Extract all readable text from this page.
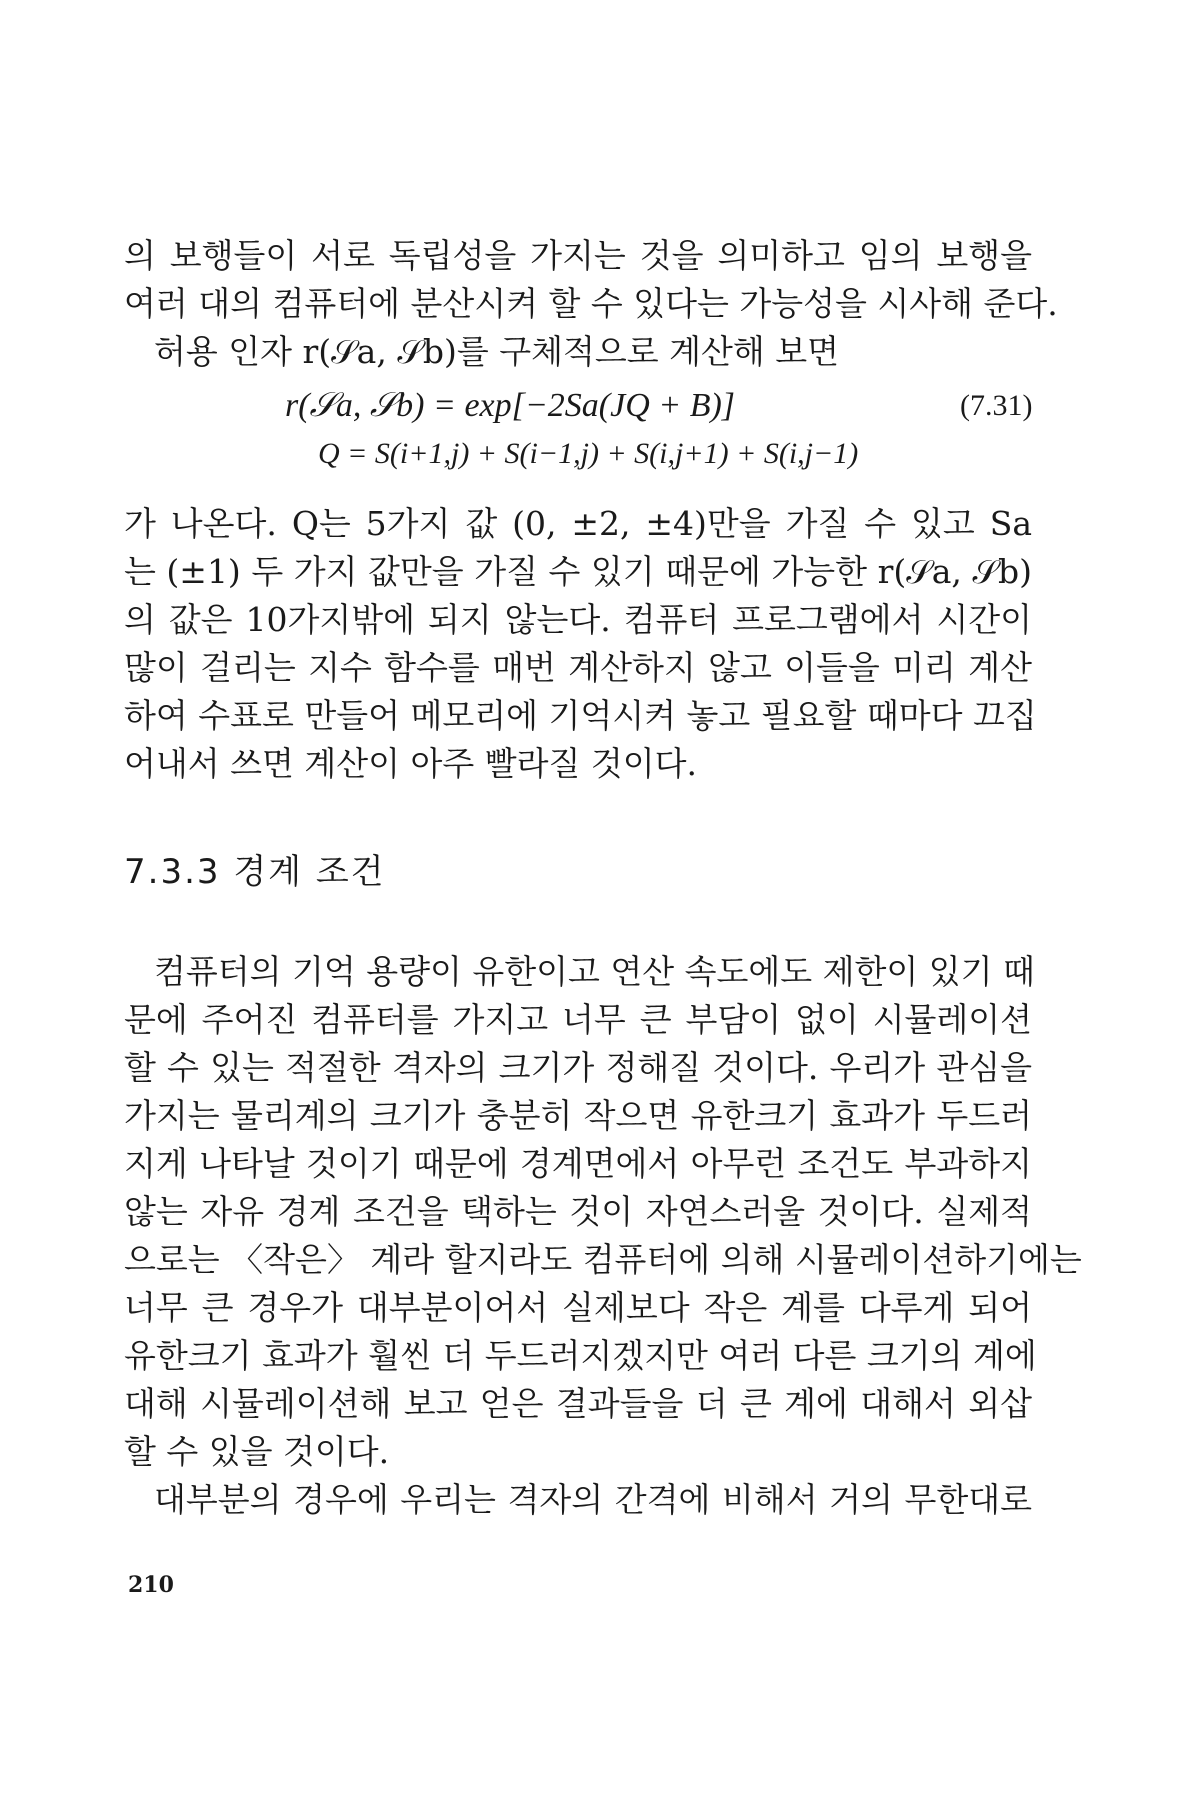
의 보행들이 서로 독립성을 가지는 것을 의미하고 임의 보행을
여러 대의 컴퓨터에 분산시켜 할 수 있다는 가능성을 시사해 준다.
허용 인자 r(𝒮a, 𝒮b)를 구체적으로 계산해 보면
r(𝒮a, 𝒮b) = exp[−2Sa(JQ + B)]	(7.31)
Q = S(i+1,j) + S(i−1,j) + S(i,j+1) + S(i,j−1)
가 나온다. Q는 5가지 값 (0, ±2, ±4)만을 가질 수 있고 Sa
는 (±1) 두 가지 값만을 가질 수 있기 때문에 가능한 r(𝒮a, 𝒮b)
의 값은 10가지밖에 되지 않는다. 컴퓨터 프로그램에서 시간이
많이 걸리는 지수 함수를 매번 계산하지 않고 이들을 미리 계산
하여 수표로 만들어 메모리에 기억시켜 놓고 필요할 때마다 끄집
어내서 쓰면 계산이 아주 빨라질 것이다.
7.3.3 경계 조건
컴퓨터의 기억 용량이 유한이고 연산 속도에도 제한이 있기 때
문에 주어진 컴퓨터를 가지고 너무 큰 부담이 없이 시뮬레이션
할 수 있는 적절한 격자의 크기가 정해질 것이다. 우리가 관심을
가지는 물리계의 크기가 충분히 작으면 유한크기 효과가 두드러
지게 나타날 것이기 때문에 경계면에서 아무런 조건도 부과하지
않는 자유 경계 조건을 택하는 것이 자연스러울 것이다. 실제적
으로는 〈작은〉 계라 할지라도 컴퓨터에 의해 시뮬레이션하기에는
너무 큰 경우가 대부분이어서 실제보다 작은 계를 다루게 되어
유한크기 효과가 훨씬 더 두드러지겠지만 여러 다른 크기의 계에
대해 시뮬레이션해 보고 얻은 결과들을 더 큰 계에 대해서 외삽
할 수 있을 것이다.
대부분의 경우에 우리는 격자의 간격에 비해서 거의 무한대로
210
